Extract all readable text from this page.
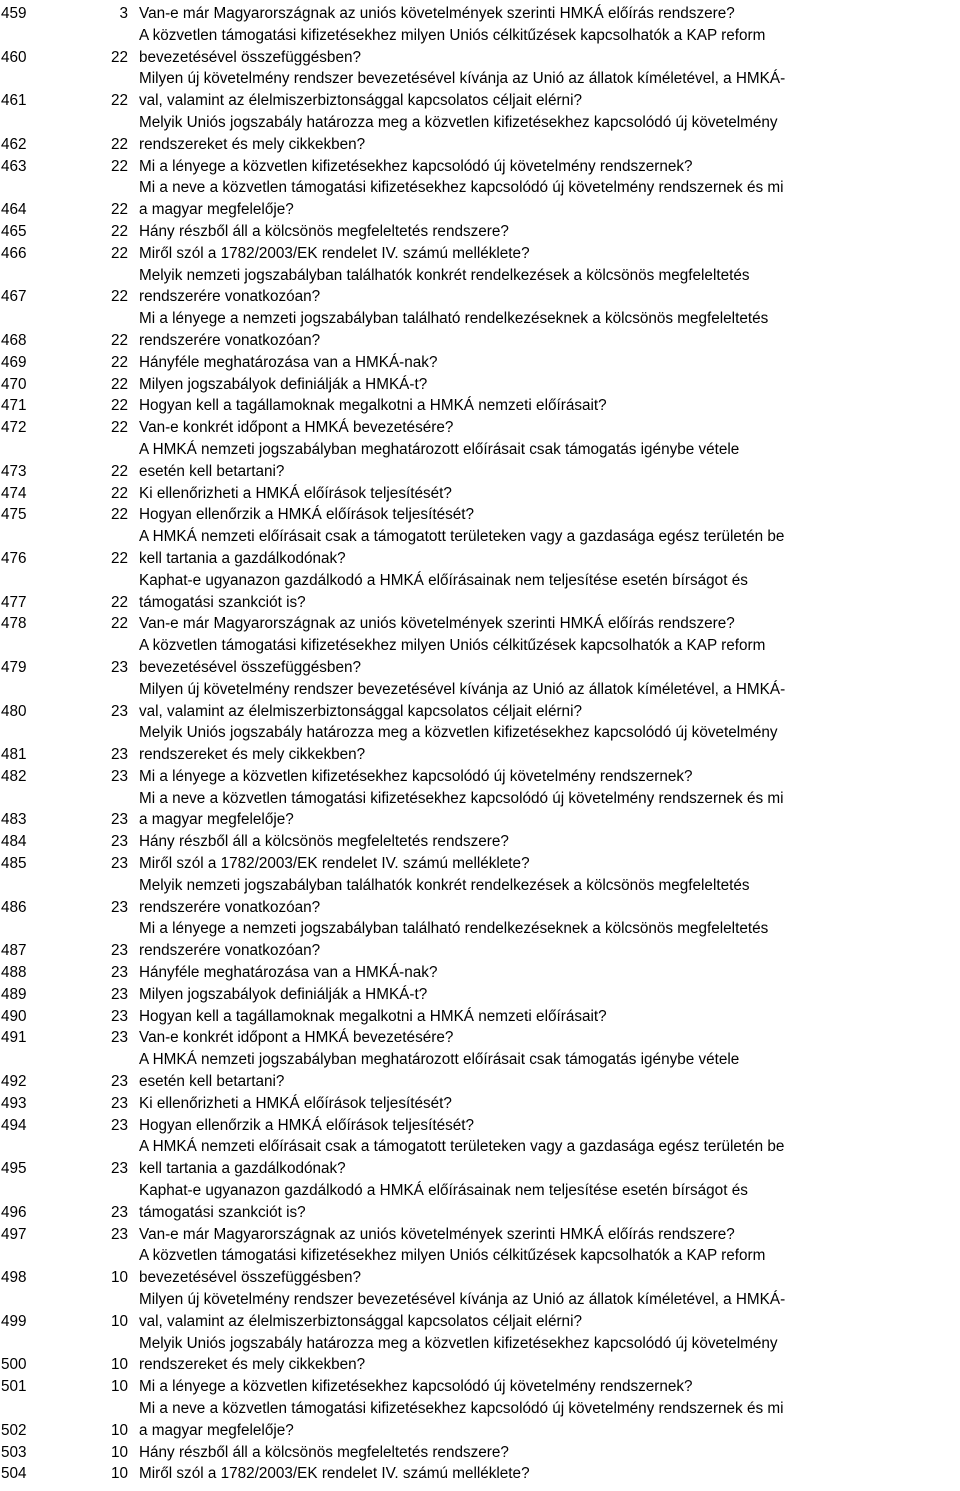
459	3 Van-e már Magyarországnak az uniós követelmények szerinti HMKÁ előírás rendszere?
460	22
A közvetlen támogatási kifizetésekhez milyen Uniós célkitűzések kapcsolhatók a KAP reform
bevezetésével összefüggésben?
461	22
Milyen új követelmény rendszer bevezetésével kívánja az Unió az állatok kíméletével, a HMKÁ-
val, valamint az élelmiszerbiztonsággal kapcsolatos céljait elérni?
462	22
Melyik Uniós jogszabály határozza meg a közvetlen kifizetésekhez kapcsolódó új követelmény
rendszereket és mely cikkekben?
463	22 Mi a lényege a közvetlen kifizetésekhez kapcsolódó új követelmény rendszernek?
464	22
Mi a neve a közvetlen támogatási kifizetésekhez kapcsolódó új követelmény rendszernek és mi
a magyar megfelelője?
465	22 Hány részből áll a kölcsönös megfeleltetés rendszere?
466	22 Miről szól a 1782/2003/EK rendelet IV. számú melléklete?
467	22
Melyik nemzeti jogszabályban találhatók konkrét rendelkezések a kölcsönös megfeleltetés
rendszerére vonatkozóan?
468	22
Mi a lényege a nemzeti jogszabályban található rendelkezéseknek a kölcsönös megfeleltetés
rendszerére vonatkozóan?
469	22 Hányféle meghatározása van a HMKÁ-nak?
470	22 Milyen jogszabályok definiálják a HMKÁ-t?
471	22 Hogyan kell a tagállamoknak megalkotni a HMKÁ nemzeti előírásait?
472	22 Van-e konkrét időpont a HMKÁ bevezetésére?
473	22
A HMKÁ nemzeti jogszabályban meghatározott előírásait csak támogatás igénybe vétele
esetén kell betartani?
474	22 Ki ellenőrizheti a HMKÁ előírások teljesítését?
475	22 Hogyan ellenőrzik a HMKÁ előírások teljesítését?
476	22
A HMKÁ nemzeti előírásait csak a támogatott területeken vagy a gazdasága egész területén be
kell tartania a gazdálkodónak?
477	22
Kaphat-e ugyanazon gazdálkodó a HMKÁ előírásainak nem teljesítése esetén bírságot és
támogatási szankciót is?
478	22 Van-e már Magyarországnak az uniós követelmények szerinti HMKÁ előírás rendszere?
479	23
A közvetlen támogatási kifizetésekhez milyen Uniós célkitűzések kapcsolhatók a KAP reform
bevezetésével összefüggésben?
480	23
Milyen új követelmény rendszer bevezetésével kívánja az Unió az állatok kíméletével, a HMKÁ-
val, valamint az élelmiszerbiztonsággal kapcsolatos céljait elérni?
481	23
Melyik Uniós jogszabály határozza meg a közvetlen kifizetésekhez kapcsolódó új követelmény
rendszereket és mely cikkekben?
482	23 Mi a lényege a közvetlen kifizetésekhez kapcsolódó új követelmény rendszernek?
483	23
Mi a neve a közvetlen támogatási kifizetésekhez kapcsolódó új követelmény rendszernek és mi
a magyar megfelelője?
484	23 Hány részből áll a kölcsönös megfeleltetés rendszere?
485	23 Miről szól a 1782/2003/EK rendelet IV. számú melléklete?
486	23
Melyik nemzeti jogszabályban találhatók konkrét rendelkezések a kölcsönös megfeleltetés
rendszerére vonatkozóan?
487	23
Mi a lényege a nemzeti jogszabályban található rendelkezéseknek a kölcsönös megfeleltetés
rendszerére vonatkozóan?
488	23 Hányféle meghatározása van a HMKÁ-nak?
489	23 Milyen jogszabályok definiálják a HMKÁ-t?
490	23 Hogyan kell a tagállamoknak megalkotni a HMKÁ nemzeti előírásait?
491	23 Van-e konkrét időpont a HMKÁ bevezetésére?
492	23
A HMKÁ nemzeti jogszabályban meghatározott előírásait csak támogatás igénybe vétele
esetén kell betartani?
493	23 Ki ellenőrizheti a HMKÁ előírások teljesítését?
494	23 Hogyan ellenőrzik a HMKÁ előírások teljesítését?
495	23
A HMKÁ nemzeti előírásait csak a támogatott területeken vagy a gazdasága egész területén be
kell tartania a gazdálkodónak?
496	23
Kaphat-e ugyanazon gazdálkodó a HMKÁ előírásainak nem teljesítése esetén bírságot és
támogatási szankciót is?
497	23 Van-e már Magyarországnak az uniós követelmények szerinti HMKÁ előírás rendszere?
498	10
A közvetlen támogatási kifizetésekhez milyen Uniós célkitűzések kapcsolhatók a KAP reform
bevezetésével összefüggésben?
499	10
Milyen új követelmény rendszer bevezetésével kívánja az Unió az állatok kíméletével, a HMKÁ-
val, valamint az élelmiszerbiztonsággal kapcsolatos céljait elérni?
500	10
Melyik Uniós jogszabály határozza meg a közvetlen kifizetésekhez kapcsolódó új követelmény
rendszereket és mely cikkekben?
501	10 Mi a lényege a közvetlen kifizetésekhez kapcsolódó új követelmény rendszernek?
502	10
Mi a neve a közvetlen támogatási kifizetésekhez kapcsolódó új követelmény rendszernek és mi
a magyar megfelelője?
503	10 Hány részből áll a kölcsönös megfeleltetés rendszere?
504	10 Miről szól a 1782/2003/EK rendelet IV. számú melléklete?
